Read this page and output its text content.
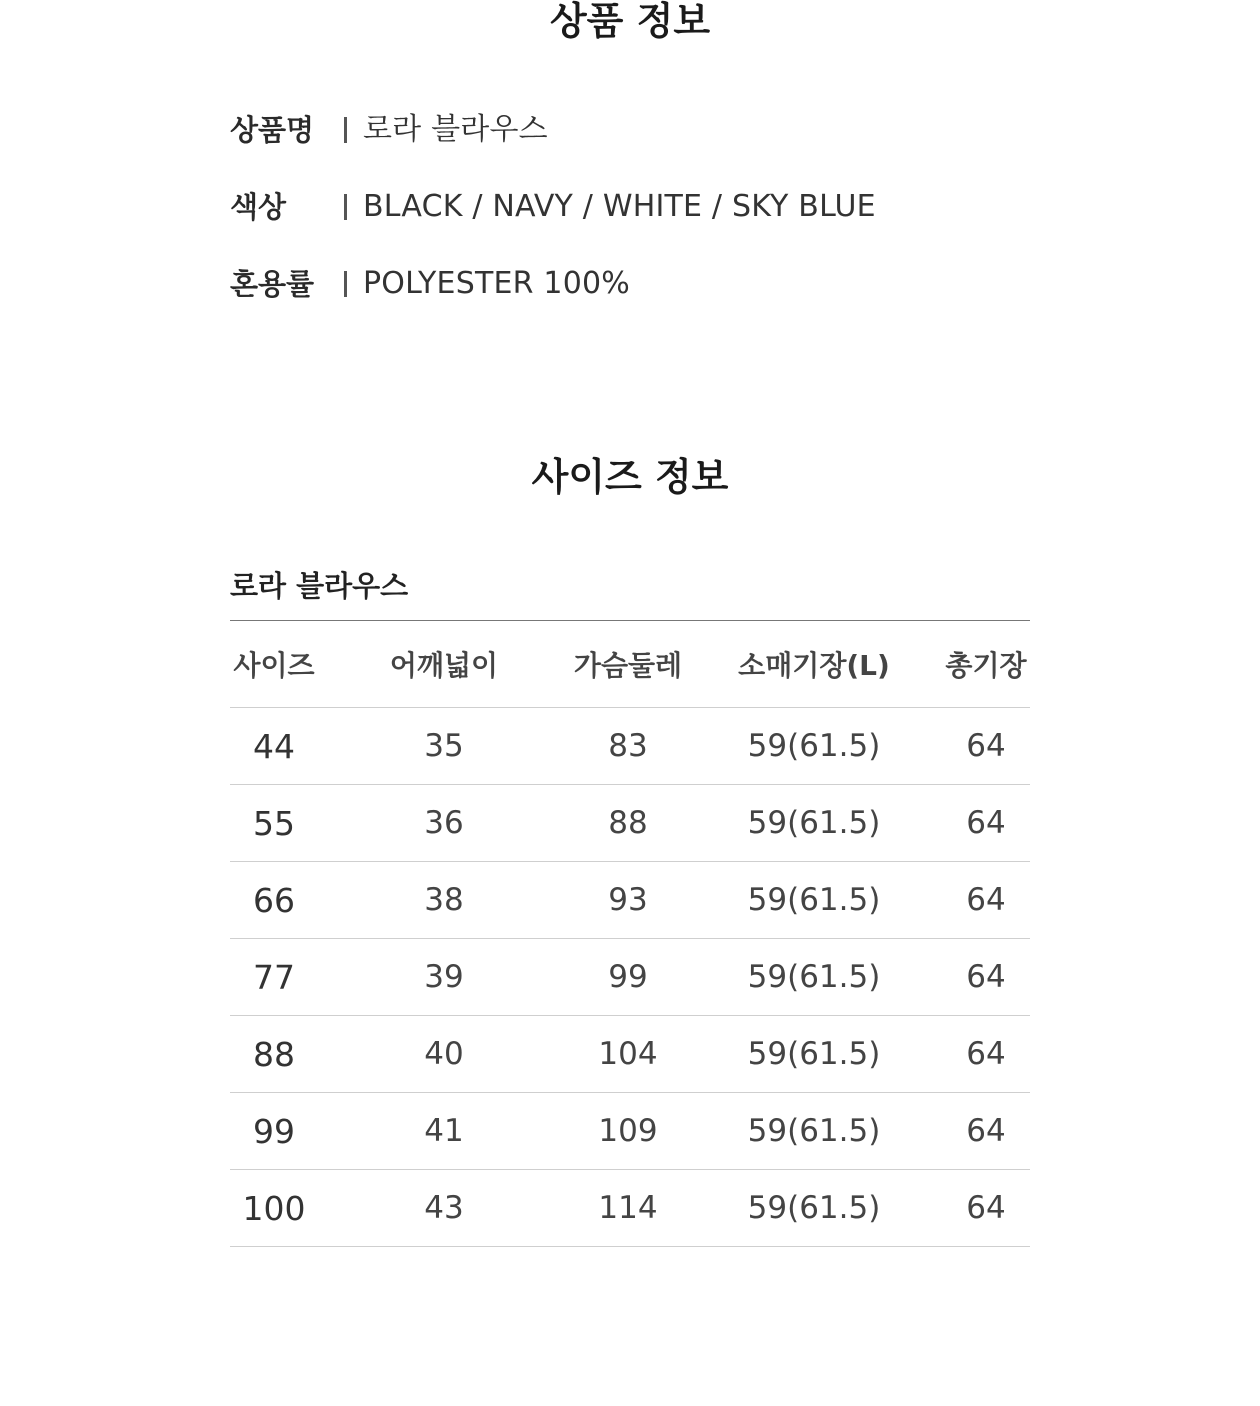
상품 정보
상품명	로라 블라우스
색상	BLACK / NAVY / WHITE / SKY BLUE
혼용률	POLYESTER 100%
사이즈 정보
로라 블라우스
사이즈	어깨넓이	가슴둘레	소매기장(L)	총기장
44	35	83	59(61.5)	64
55	36	88	59(61.5)	64
66	38	93	59(61.5)	64
77	39	99	59(61.5)	64
88	40	104	59(61.5)	64
99	41	109	59(61.5)	64
100	43	114	59(61.5)	64
